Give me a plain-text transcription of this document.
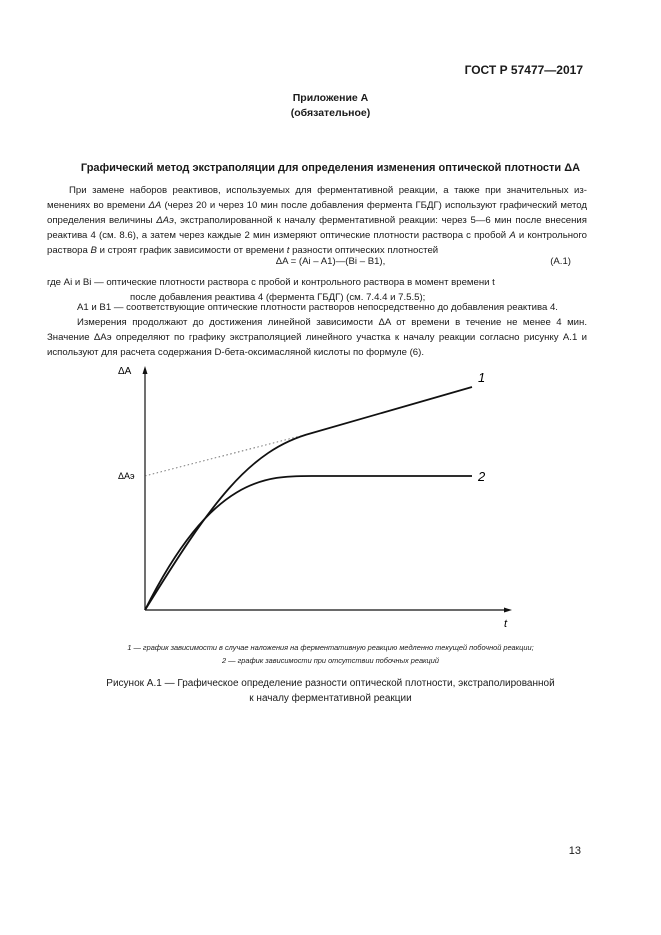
ГОСТ Р 57477—2017
Приложение А
(обязательное)
Графический метод экстраполяции для определения изменения оптической плотности ΔA

При замене наборов реактивов, используемых для ферментативной реакции, а также при значительных из-менениях во времени ΔA (через 20 и через 10 мин после добавления фермента ГБДГ) используют графический метод определения величины ΔAэ, экстраполированной к началу ферментативной реакции: через 5—6 мин после внесения реактива 4 (см. 8.6), а затем через каждые 2 мин измеряют оптические плотности раствора с пробой A и контрольного раствора B и строят график зависимости от времени t разности оптических плотностей

ΔA = (Ai – A1)—(Bi – B1),	(А.1)
где Ai и Bi — оптические плотности раствора с пробой и контрольного раствора в момент времени t
после добавления реактива 4 (фермента ГБДГ) (см. 7.4.4 и 7.5.5);

A1 и B1 — соответствующие оптические плотности растворов непосредственно до добавления реактива 4.

Измерения продолжают до достижения линейной зависимости ΔA от времени в течение не менее 4 мин. Значение ΔAэ определяют по графику экстраполяцией линейного участка к началу реакции согласно рисунку А.1 и используют для расчета содержания D-бета-оксимасляной кислоты по формуле (6).

ΔA
ΔAэ
t
1
2
1 — график зависимости в случае наложения на ферментативную реакцию медленно текущей побочной реакции;
2 — график зависимости при отсутствии побочных реакций
Рисунок А.1 — Графическое определение разности оптической плотности, экстраполированной
к началу ферментативной реакции
13
